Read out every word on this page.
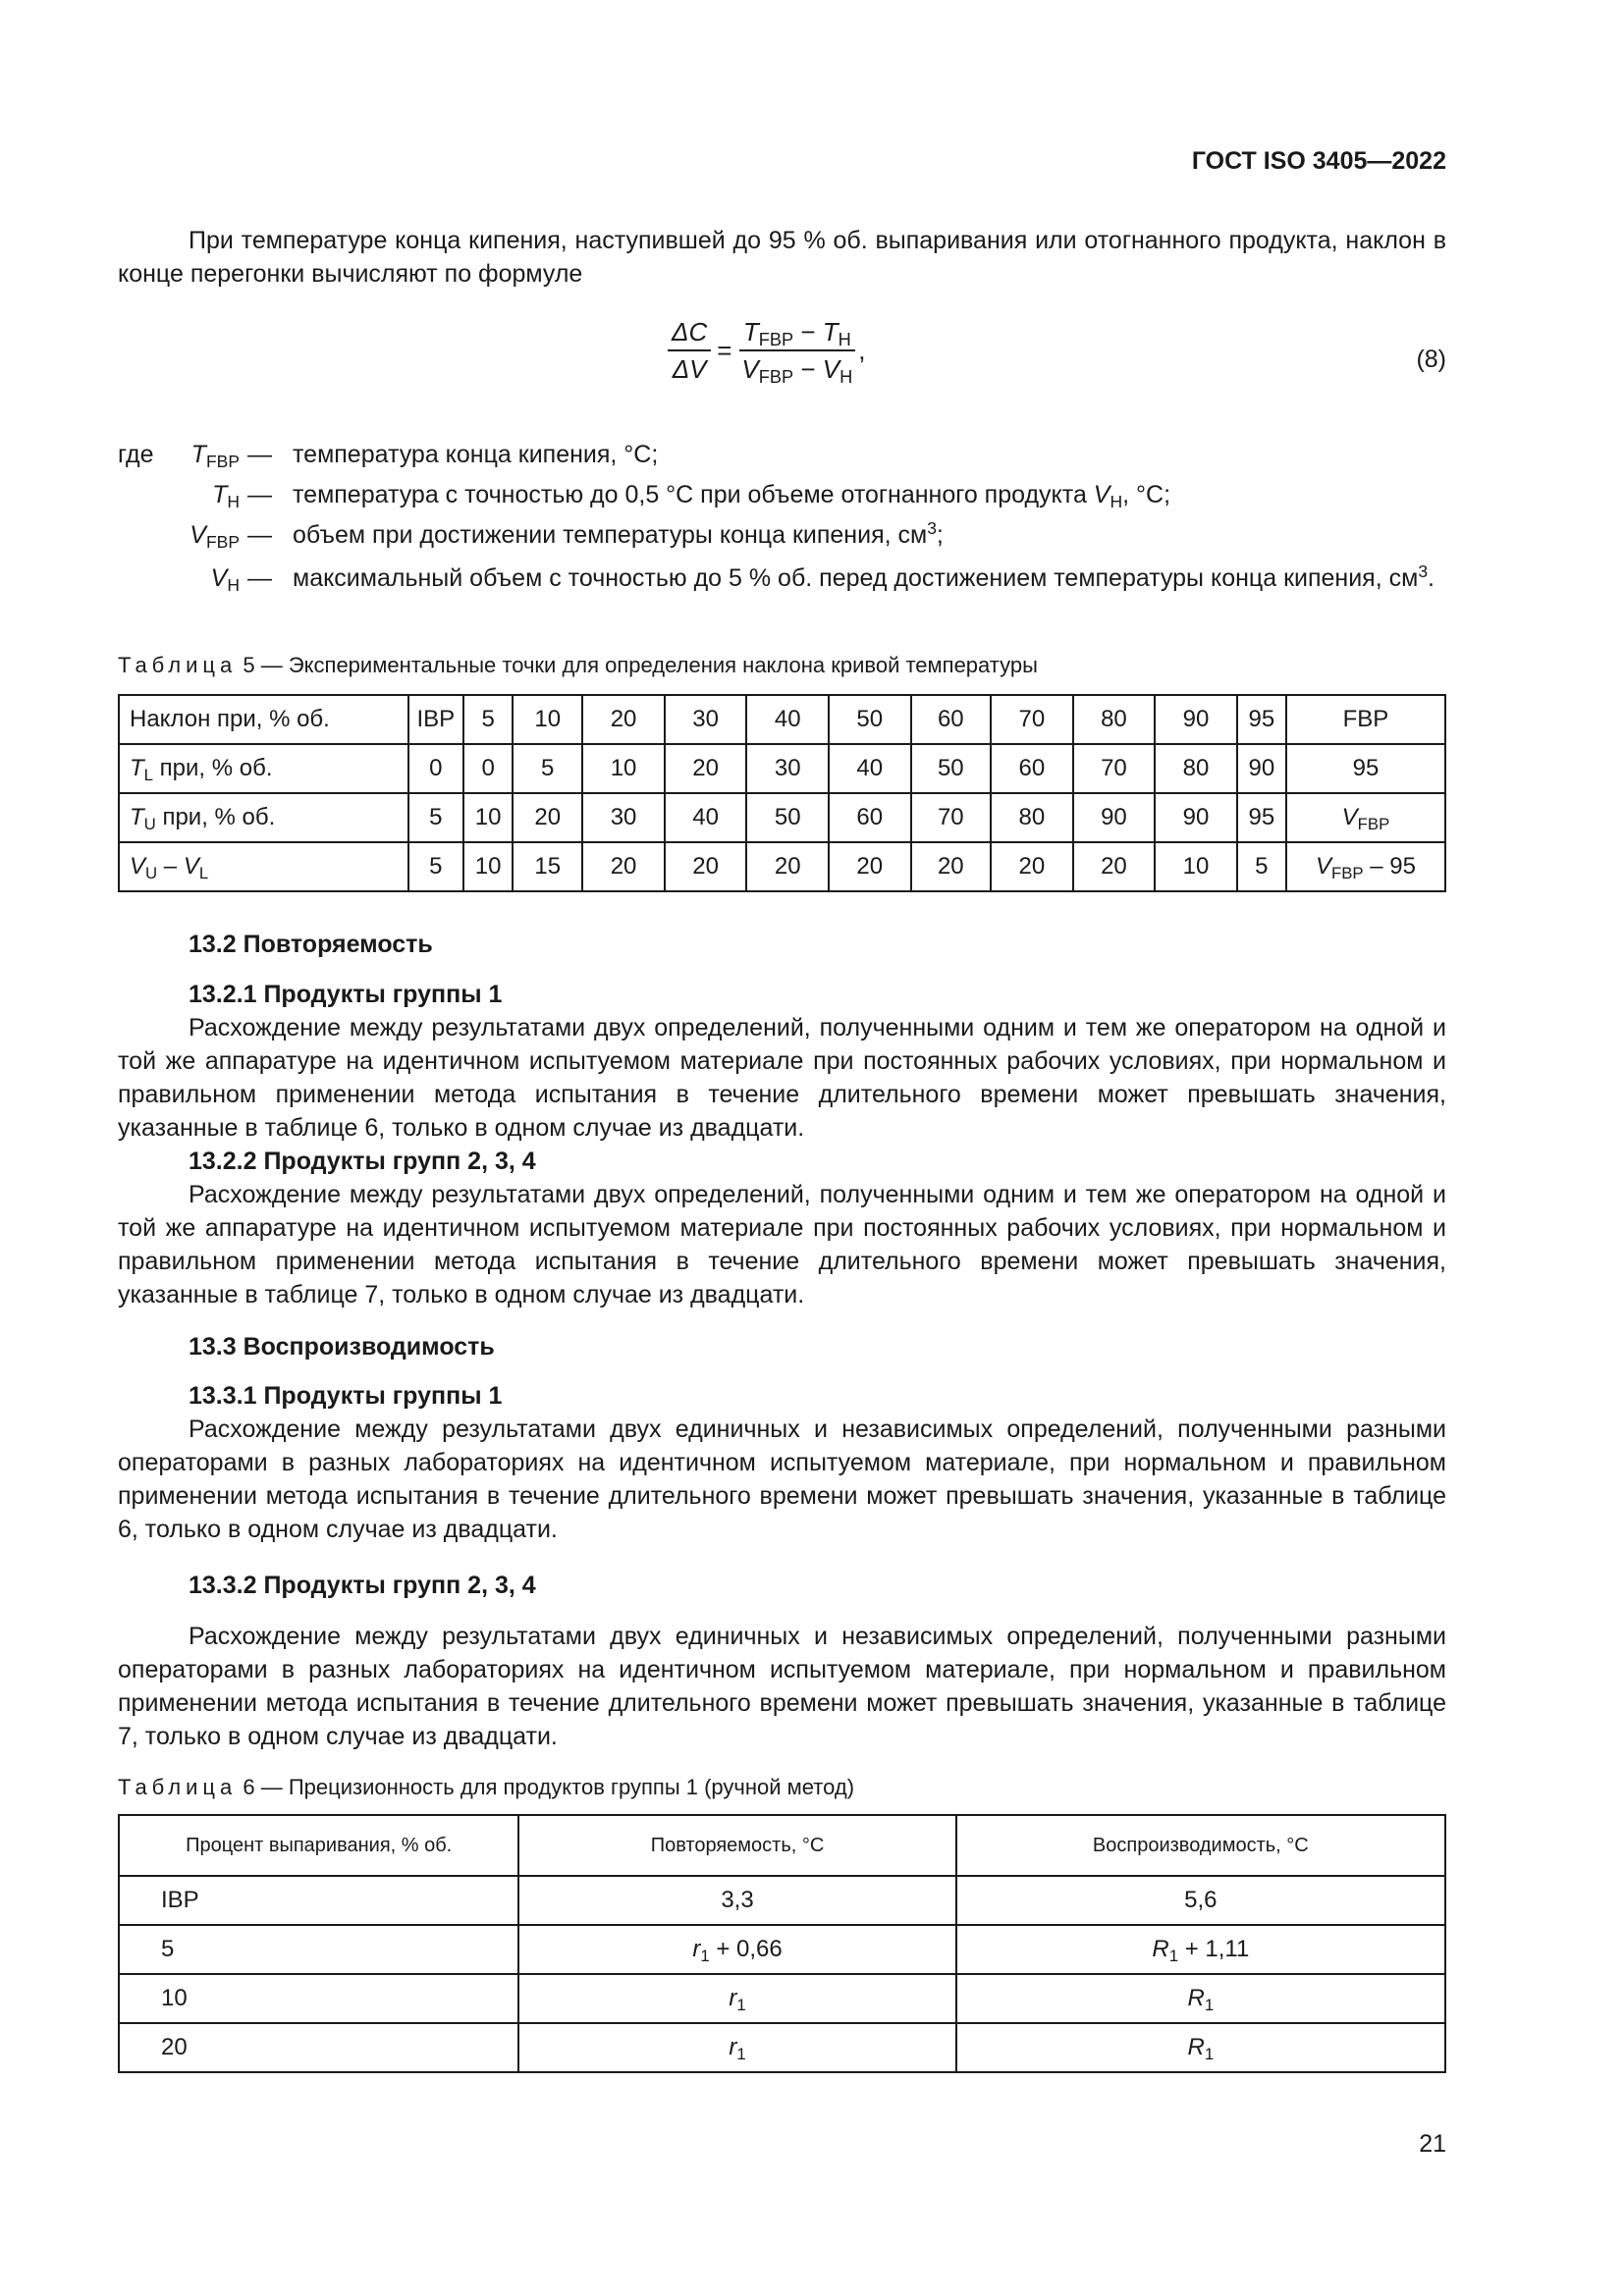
ГОСТ ISO 3405—2022

При температуре конца кипения, наступившей до 95 % об. выпаривания или отогнанного продукта, наклон в конце перегонки вычисляют по формуле

$\frac{\Delta C}{\Delta V} = \frac{T_{FBP} - T_H}{V_{FBP} - V_H}$ ,	(8)
где $T_{FBP}$ — температура конца кипения, °C;
$T_H$ — температура с точностью до 0,5 °C при объеме отогнанного продукта $V_H$, °C;
$V_{FBP}$ — объем при достижении температуры конца кипения, $см^3$;
$V_H$ — максимальный объем с точностью до 5 % об. перед достижением температуры конца кипения, $см^3$.
Таблица 5 — Экспериментальные точки для определения наклона кривой температуры
Наклон при, % об.	IBP	5	10	20	30	40	50	60	70	80	90	95	FBP
$T_L$ при, % об.	0	0	5	10	20	30	40	50	60	70	80	90	95
$T_U$ при, % об.	5	10	20	30	40	50	60	70	80	90	90	95	$V_{FBP}$
$V_U - V_L$	5	10	15	20	20	20	20	20	20	20	10	5	$V_{FBP} - 95$
13.2 Повторяемость
13.2.1 Продукты группы 1

Расхождение между результатами двух определений, полученными одним и тем же оператором на одной и той же аппаратуре на идентичном испытуемом материале при постоянных рабочих условиях, при нормальном и правильном применении метода испытания в течение длительного времени может превышать значения, указанные в таблице 6, только в одном случае из двадцати.

13.2.2 Продукты групп 2, 3, 4

Расхождение между результатами двух определений, полученными одним и тем же оператором на одной и той же аппаратуре на идентичном испытуемом материале при постоянных рабочих условиях, при нормальном и правильном применении метода испытания в течение длительного времени может превышать значения, указанные в таблице 7, только в одном случае из двадцати.

13.3 Воспроизводимость
13.3.1 Продукты группы 1

Расхождение между результатами двух единичных и независимых определений, полученными разными операторами в разных лабораториях на идентичном испытуемом материале, при нормальном и правильном применении метода испытания в течение длительного времени может превышать значения, указанные в таблице 6, только в одном случае из двадцати.

13.3.2 Продукты групп 2, 3, 4

Расхождение между результатами двух единичных и независимых определений, полученными разными операторами в разных лабораториях на идентичном испытуемом материале, при нормальном и правильном применении метода испытания в течение длительного времени может превышать значения, указанные в таблице 7, только в одном случае из двадцати.

Таблица 6 — Прецизионность для продуктов группы 1 (ручной метод)
Процент выпаривания, % об.	Повторяемость, °C	Воспроизводимость, °C
IBP	3,3	5,6
5	$r_1 + 0,66$	$R_1 + 1,11$
10	$r_1$	$R_1$
20	$r_1$	$R_1$
21
